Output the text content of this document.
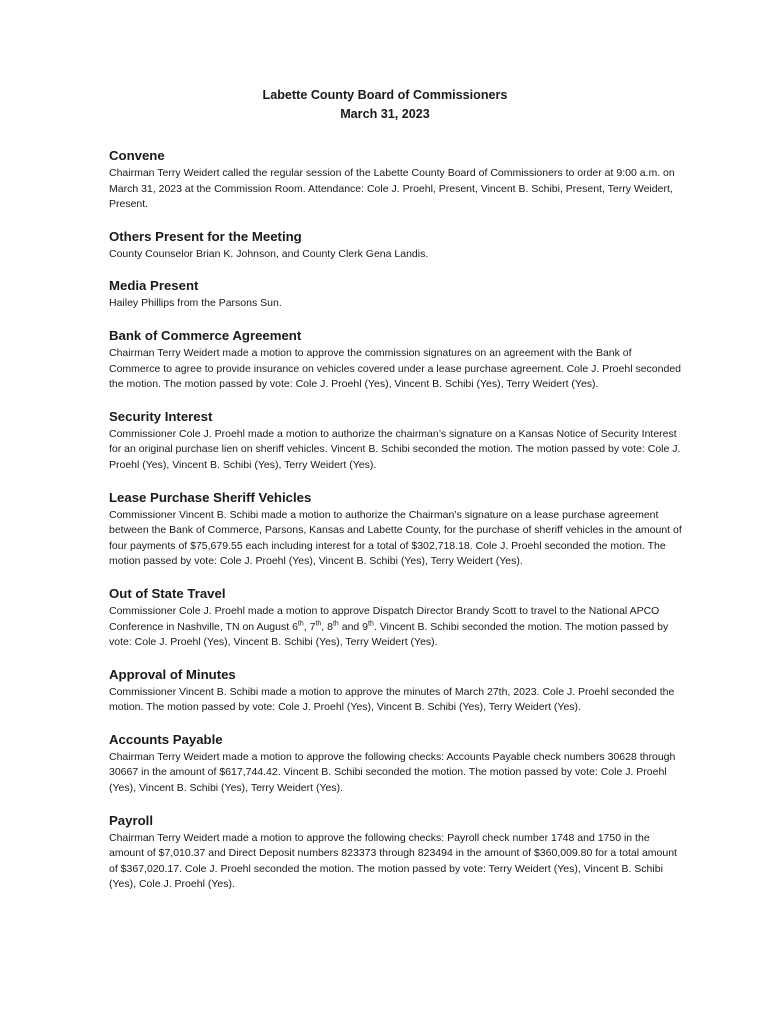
Labette County Board of Commissioners
March 31, 2023
Convene

Chairman Terry Weidert called the regular session of the Labette County Board of Commissioners to order at 9:00 a.m. on March 31, 2023 at the Commission Room. Attendance: Cole J. Proehl, Present, Vincent B. Schibi, Present, Terry Weidert, Present.

Others Present for the Meeting

County Counselor Brian K. Johnson, and County Clerk Gena Landis.

Media Present

Hailey Phillips from the Parsons Sun.

Bank of Commerce Agreement

Chairman Terry Weidert made a motion to approve the commission signatures on an agreement with the Bank of Commerce to agree to provide insurance on vehicles covered under a lease purchase agreement. Cole J. Proehl seconded the motion. The motion passed by vote: Cole J. Proehl (Yes), Vincent B. Schibi (Yes), Terry Weidert (Yes).

Security Interest

Commissioner Cole J. Proehl made a motion to authorize the chairman’s signature on a Kansas Notice of Security Interest for an original purchase lien on sheriff vehicles. Vincent B. Schibi seconded the motion. The motion passed by vote: Cole J. Proehl (Yes), Vincent B. Schibi (Yes), Terry Weidert (Yes).

Lease Purchase Sheriff Vehicles

Commissioner Vincent B. Schibi made a motion to authorize the Chairman’s signature on a lease purchase agreement between the Bank of Commerce, Parsons, Kansas and Labette County, for the purchase of sheriff vehicles in the amount of four payments of $75,679.55 each including interest for a total of $302,718.18. Cole J. Proehl seconded the motion. The motion passed by vote: Cole J. Proehl (Yes), Vincent B. Schibi (Yes), Terry Weidert (Yes).

Out of State Travel

Commissioner Cole J. Proehl made a motion to approve Dispatch Director Brandy Scott to travel to the National APCO Conference in Nashville, TN on August 6th, 7th, 8th and 9th. Vincent B. Schibi seconded the motion. The motion passed by vote: Cole J. Proehl (Yes), Vincent B. Schibi (Yes), Terry Weidert (Yes).

Approval of Minutes

Commissioner Vincent B. Schibi made a motion to approve the minutes of March 27th, 2023. Cole J. Proehl seconded the motion. The motion passed by vote: Cole J. Proehl (Yes), Vincent B. Schibi (Yes), Terry Weidert (Yes).

Accounts Payable

Chairman Terry Weidert made a motion to approve the following checks: Accounts Payable check numbers 30628 through 30667 in the amount of $617,744.42. Vincent B. Schibi seconded the motion. The motion passed by vote: Cole J. Proehl (Yes), Vincent B. Schibi (Yes), Terry Weidert (Yes).

Payroll

Chairman Terry Weidert made a motion to approve the following checks: Payroll check number 1748 and 1750 in the amount of $7,010.37 and Direct Deposit numbers 823373 through 823494 in the amount of $360,009.80 for a total amount of $367,020.17. Cole J. Proehl seconded the motion. The motion passed by vote: Terry Weidert (Yes), Vincent B. Schibi (Yes), Cole J. Proehl (Yes).
